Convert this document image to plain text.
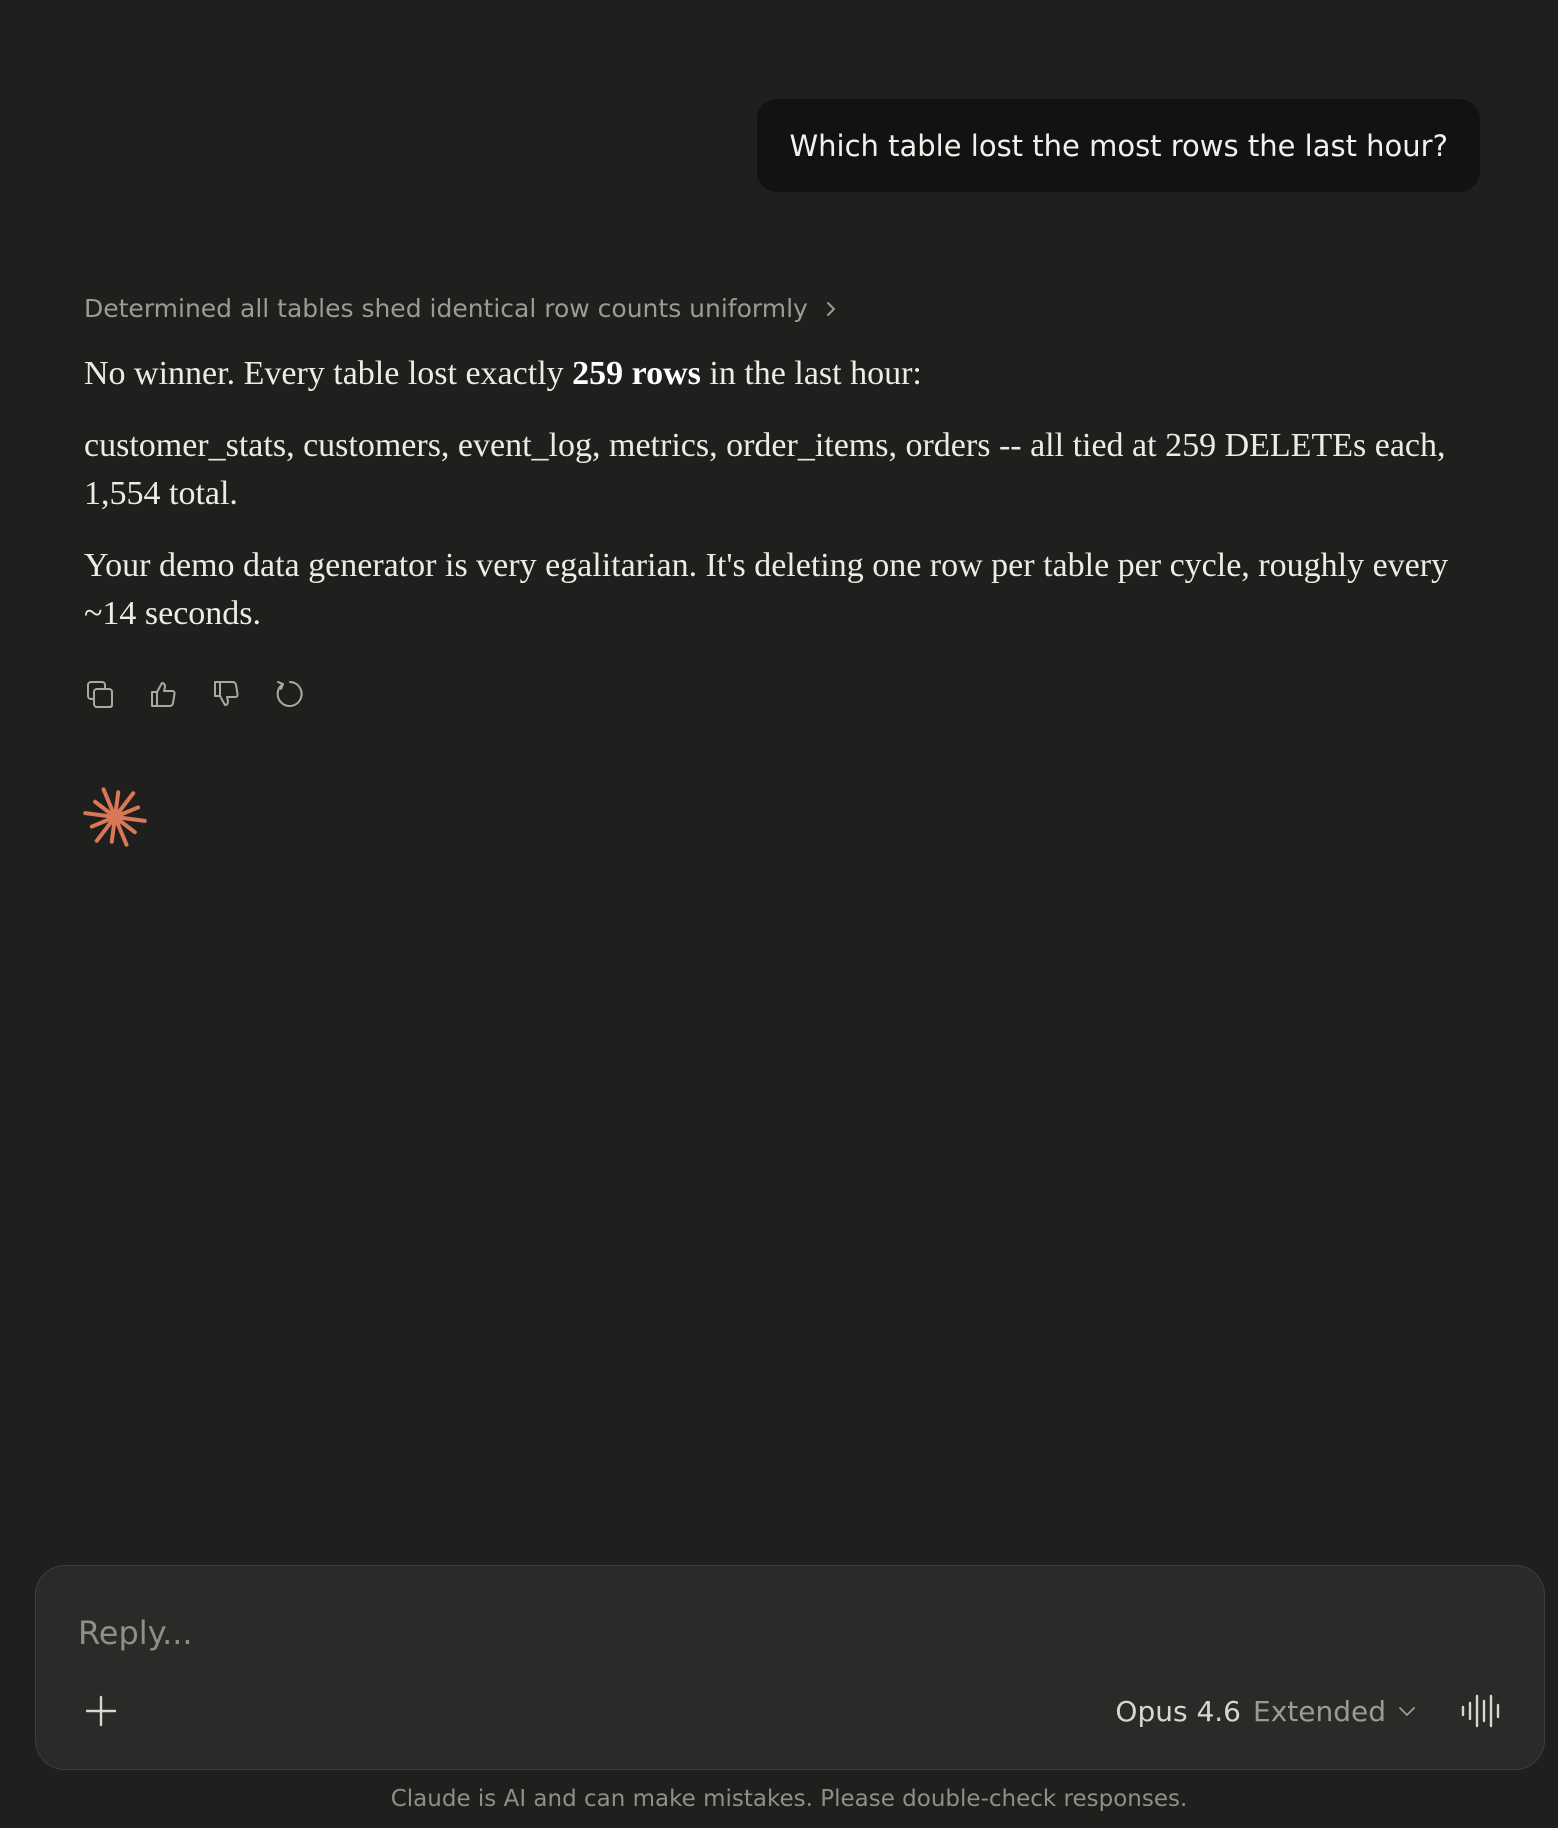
Which table lost the most rows the last hour?
Determined all tables shed identical row counts uniformly

No winner. Every table lost exactly 259 rows in the last hour:

customer_stats, customers, event_log, metrics, order_items, orders -- all tied at 259 DELETEs each, 1,554 total.

Your demo data generator is very egalitarian. It's deleting one row per table per cycle, roughly every ~14 seconds.

Reply...
Opus 4.6 Extended
Claude is AI and can make mistakes. Please double-check responses.
